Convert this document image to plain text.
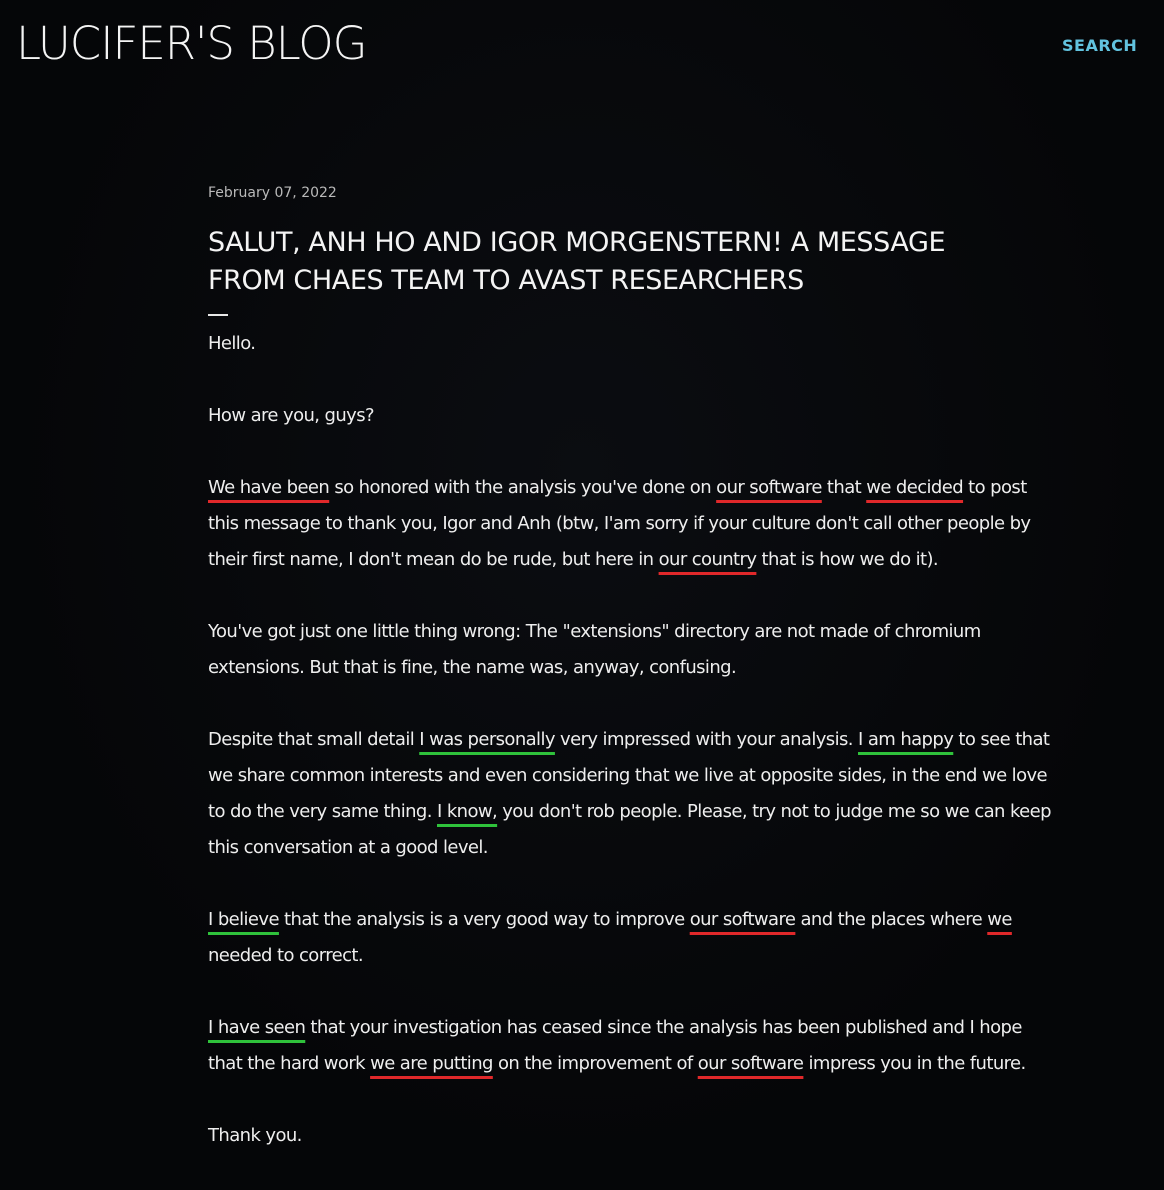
LUCIFER'S BLOG	SEARCH
February 07, 2022
SALUT, ANH HO AND IGOR MORGENSTERN! A MESSAGE
FROM CHAES TEAM TO AVAST RESEARCHERS

Hello.

How are you, guys?

We have been so honored with the analysis you've done on our software that we decided to post
this message to thank you, Igor and Anh (btw, I'am sorry if your culture don't call other people by
their first name, I don't mean do be rude, but here in our country that is how we do it).

You've got just one little thing wrong: The "extensions" directory are not made of chromium
extensions. But that is fine, the name was, anyway, confusing.

Despite that small detail I was personally very impressed with your analysis. I am happy to see that
we share common interests and even considering that we live at opposite sides, in the end we love
to do the very same thing. I know, you don't rob people. Please, try not to judge me so we can keep
this conversation at a good level.

I believe that the analysis is a very good way to improve our software and the places where we
needed to correct.

I have seen that your investigation has ceased since the analysis has been published and I hope
that the hard work we are putting on the improvement of our software impress you in the future.

Thank you.
